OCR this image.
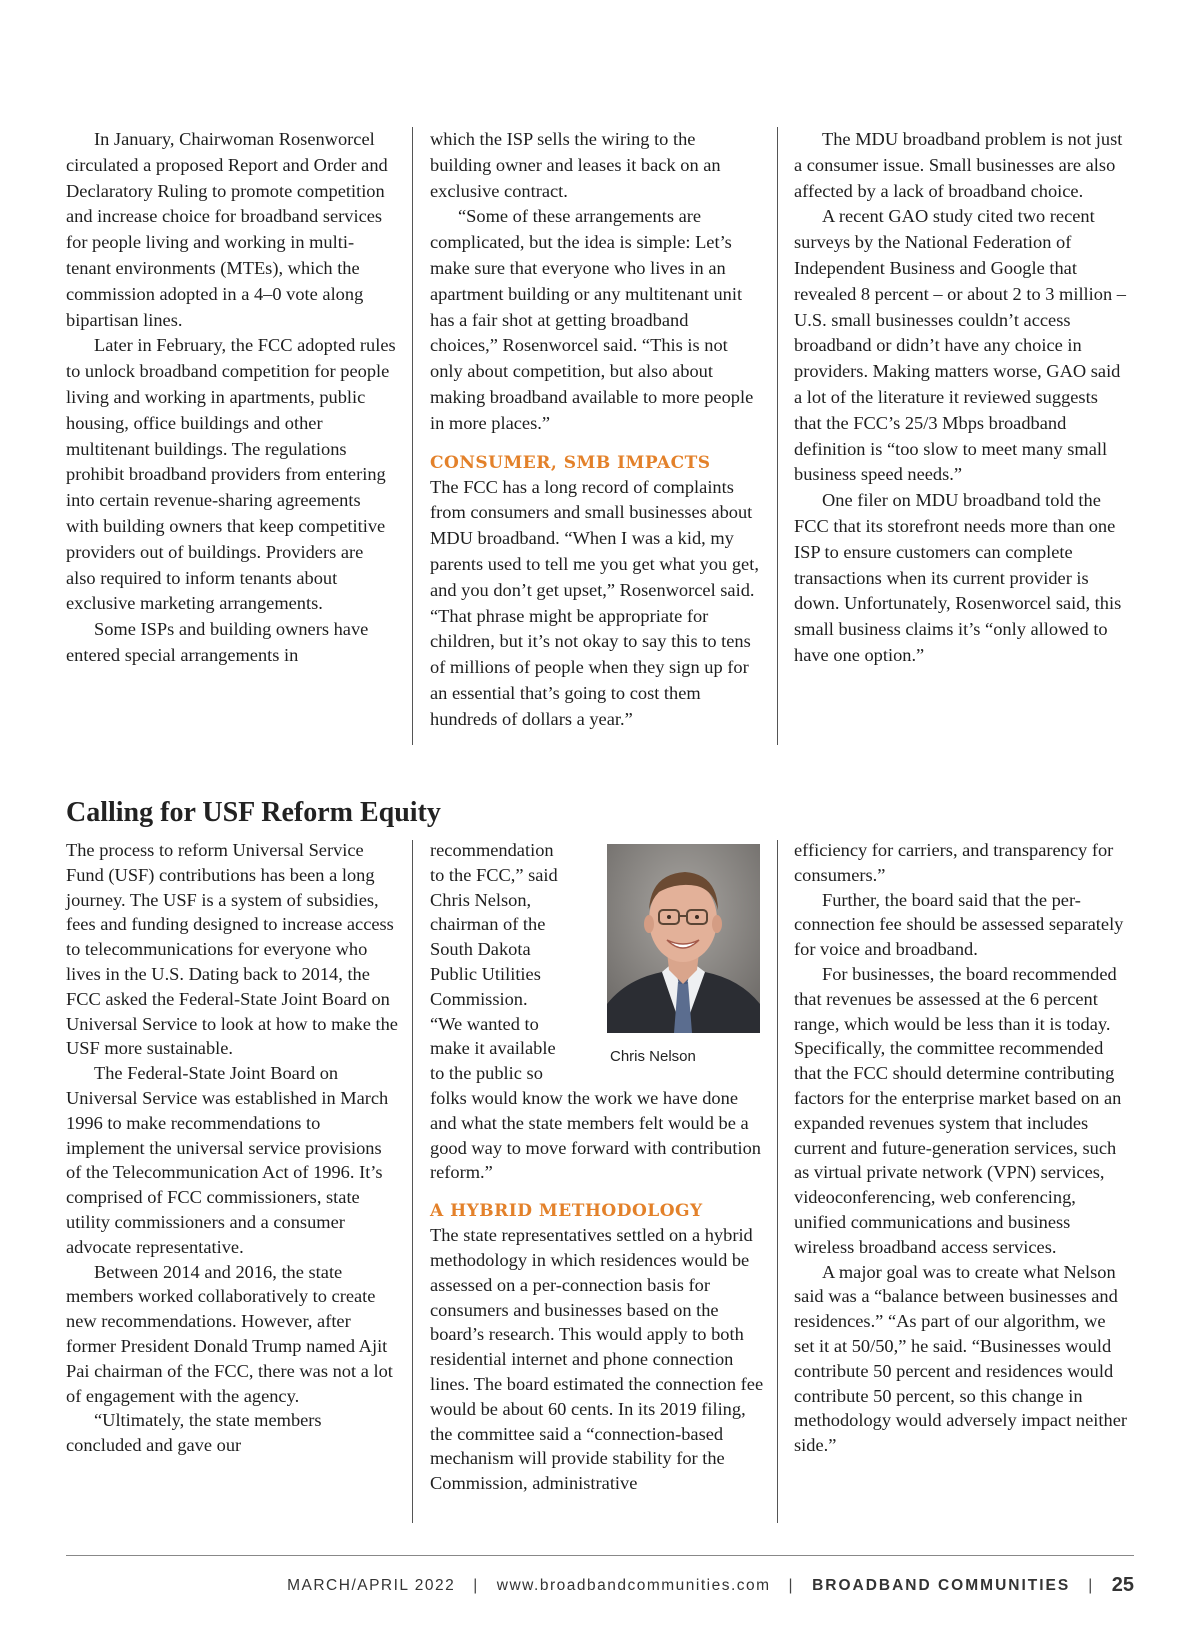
In January, Chairwoman Rosenworcel circulated a proposed Report and Order and Declaratory Ruling to promote competition and increase choice for broadband services for people living and working in multi-tenant environments (MTEs), which the commission adopted in a 4–0 vote along bipartisan lines.

Later in February, the FCC adopted rules to unlock broadband competition for people living and working in apartments, public housing, office buildings and other multitenant buildings. The regulations prohibit broadband providers from entering into certain revenue-sharing agreements with building owners that keep competitive providers out of buildings. Providers are also required to inform tenants about exclusive marketing arrangements.

Some ISPs and building owners have entered special arrangements in

which the ISP sells the wiring to the building owner and leases it back on an exclusive contract.

“Some of these arrangements are complicated, but the idea is simple: Let’s make sure that everyone who lives in an apartment building or any multitenant unit has a fair shot at getting broadband choices,” Rosenworcel said. “This is not only about competition, but also about making broadband available to more people in more places.”

CONSUMER, SMB IMPACTS

The FCC has a long record of complaints from consumers and small businesses about MDU broadband. “When I was a kid, my parents used to tell me you get what you get, and you don’t get upset,” Rosenworcel said. “That phrase might be appropriate for children, but it’s not okay to say this to tens of millions of people when they sign up for an essential that’s going to cost them hundreds of dollars a year.”

The MDU broadband problem is not just a consumer issue. Small businesses are also affected by a lack of broadband choice.

A recent GAO study cited two recent surveys by the National Federation of Independent Business and Google that revealed 8 percent – or about 2 to 3 million – U.S. small businesses couldn’t access broadband or didn’t have any choice in providers. Making matters worse, GAO said a lot of the literature it reviewed suggests that the FCC’s 25/3 Mbps broadband definition is “too slow to meet many small business speed needs.”

One filer on MDU broadband told the FCC that its storefront needs more than one ISP to ensure customers can complete transactions when its current provider is down. Unfortunately, Rosenworcel said, this small business claims it’s “only allowed to have one option.”

Calling for USF Reform Equity

The process to reform Universal Service Fund (USF) contributions has been a long journey. The USF is a system of subsidies, fees and funding designed to increase access to telecommunications for everyone who lives in the U.S. Dating back to 2014, the FCC asked the Federal-State Joint Board on Universal Service to look at how to make the USF more sustainable.

The Federal-State Joint Board on Universal Service was established in March 1996 to make recommendations to implement the universal service provisions of the Telecommunication Act of 1996. It’s comprised of FCC commissioners, state utility commissioners and a consumer advocate representative.

Between 2014 and 2016, the state members worked collaboratively to create new recommendations. However, after former President Donald Trump named Ajit Pai chairman of the FCC, there was not a lot of engagement with the agency.

“Ultimately, the state members concluded and gave our

recommendation
to the FCC,” said
Chris Nelson,
chairman of the
South Dakota
Public Utilities
Commission.
“We wanted to
make it available
to the public so

folks would know the work we have done and what the state members felt would be a good way to move forward with contribution reform.”

A HYBRID METHODOLOGY

The state representatives settled on a hybrid methodology in which residences would be assessed on a per-connection basis for consumers and businesses based on the board’s research. This would apply to both residential internet and phone connection lines. The board estimated the connection fee would be about 60 cents. In its 2019 filing, the committee said a “connection-based mechanism will provide stability for the Commission, administrative

efficiency for carriers, and transparency for consumers.”

Further, the board said that the per-connection fee should be assessed separately for voice and broadband.

For businesses, the board recommended that revenues be assessed at the 6 percent range, which would be less than it is today. Specifically, the committee recommended that the FCC should determine contributing factors for the enterprise market based on an expanded revenues system that includes current and future-generation services, such as virtual private network (VPN) services, videoconferencing, web conferencing, unified communications and business wireless broadband access services.

A major goal was to create what Nelson said was a “balance between businesses and residences.” “As part of our algorithm, we set it at 50/50,” he said. “Businesses would contribute 50 percent and residences would contribute 50 percent, so this change in methodology would adversely impact neither side.”

Chris Nelson
MARCH/APRIL 2022 | www.broadbandcommunities.com | BROADBAND COMMUNITIES | 25
